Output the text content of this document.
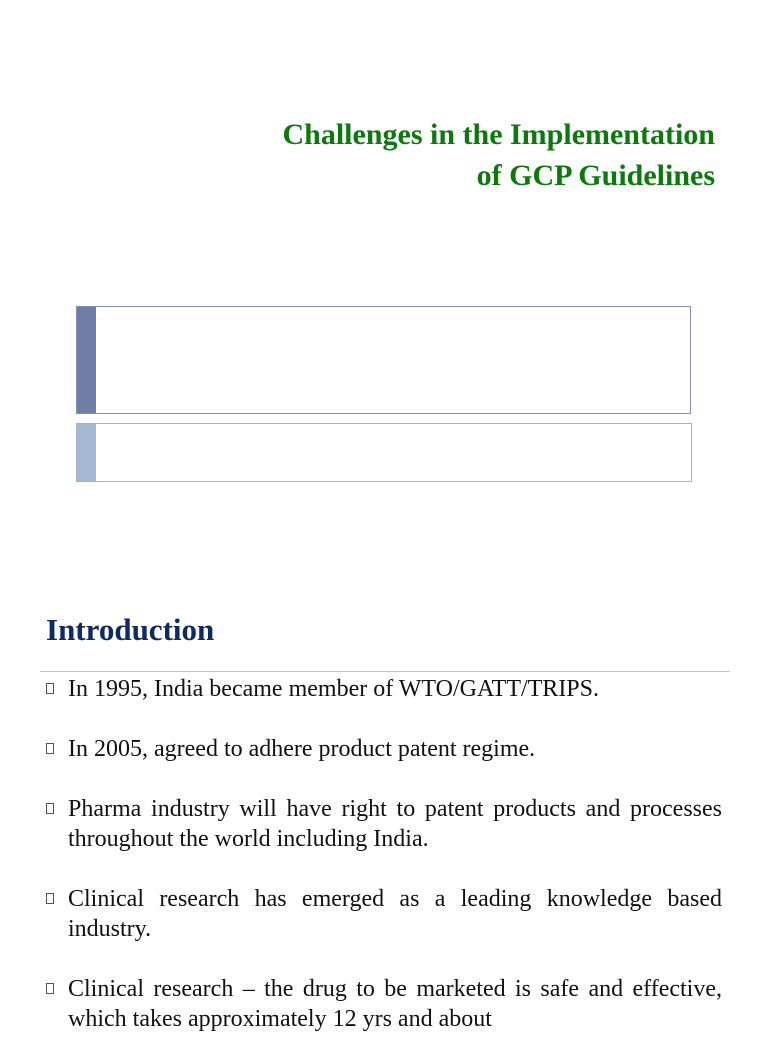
Challenges in the Implementation
of GCP Guidelines
Introduction
In 1995, India became member of WTO/GATT/TRIPS.
In 2005, agreed to adhere product patent regime.
Pharma industry will have right to patent products and processes throughout the world including India.
Clinical research has emerged as a leading knowledge based industry.
Clinical research – the drug to be marketed is safe and effective, which takes approximately 12 yrs and about
